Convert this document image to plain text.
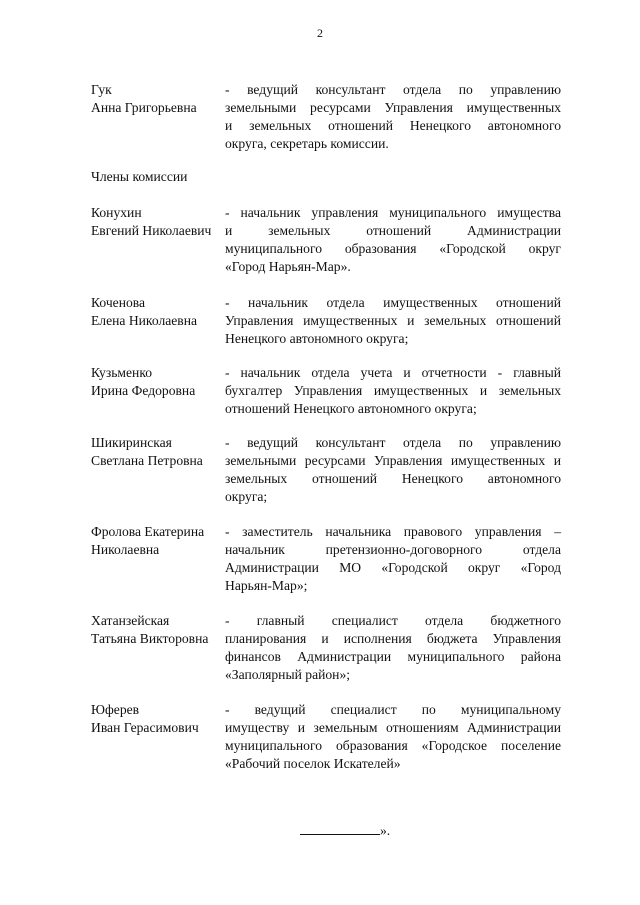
2
Гук
Анна Григорьевна
- ведущий консультант отдела по управлению
земельными ресурсами Управления имущественных
и земельных отношений Ненецкого автономного
округа, секретарь комиссии.
Члены комиссии
Конухин
Евгений Николаевич
- начальник управления муниципального имущества
и земельных отношений Администрации
муниципального образования «Городской округ
«Город Нарьян-Мар».
Коченова
Елена Николаевна
- начальник отдела имущественных отношений
Управления имущественных и земельных отношений
Ненецкого автономного округа;
Кузьменко
Ирина Федоровна
- начальник отдела учета и отчетности - главный
бухгалтер Управления имущественных и земельных
отношений Ненецкого автономного округа;
Шикиринская
Светлана Петровна
- ведущий консультант отдела по управлению
земельными ресурсами Управления имущественных и
земельных отношений Ненецкого автономного
округа;
Фролова Екатерина
Николаевна
- заместитель начальника правового управления –
начальник претензионно-договорного отдела
Администрации МО «Городской округ «Город
Нарьян-Мар»;
Хатанзейская
Татьяна Викторовна
- главный специалист отдела бюджетного
планирования и исполнения бюджета Управления
финансов Администрации муниципального района
«Заполярный район»;
Юферев
Иван Герасимович
- ведущий специалист по муниципальному
имуществу и земельным отношениям Администрации
муниципального образования «Городское поселение
«Рабочий поселок Искателей»
».
